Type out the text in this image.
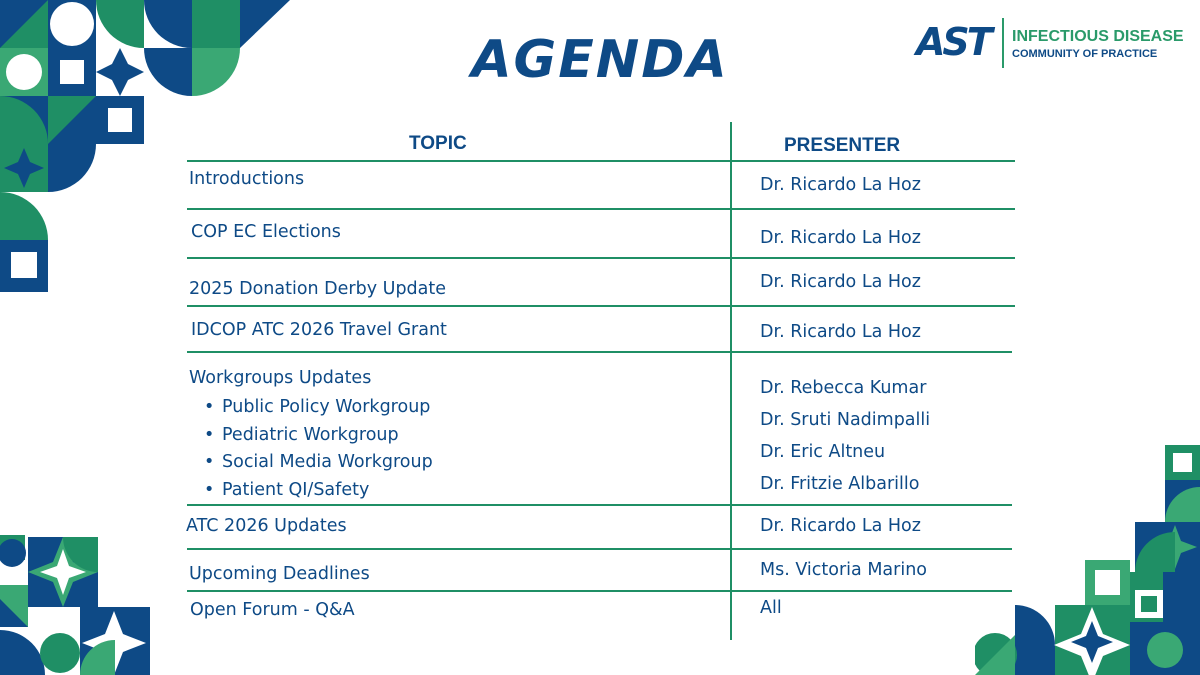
AGENDA	AST INFECTIOUS DISEASE
COMMUNITY OF PRACTICE
TOPIC	PRESENTER
Introductions
COP EC Elections
2025 Donation Derby Update
IDCOP ATC 2026 Travel Grant
Workgroups Updates
• Public Policy Workgroup
• Pediatric Workgroup
• Social Media Workgroup
• Patient QI/Safety
ATC 2026 Updates
Upcoming Deadlines
Open Forum - Q&A
Dr. Ricardo La Hoz
Dr. Ricardo La Hoz
Dr. Ricardo La Hoz
Dr. Ricardo La Hoz
Dr. Rebecca Kumar
Dr. Sruti Nadimpalli
Dr. Eric Altneu
Dr. Fritzie Albarillo
Dr. Ricardo La Hoz
Ms. Victoria Marino
All
